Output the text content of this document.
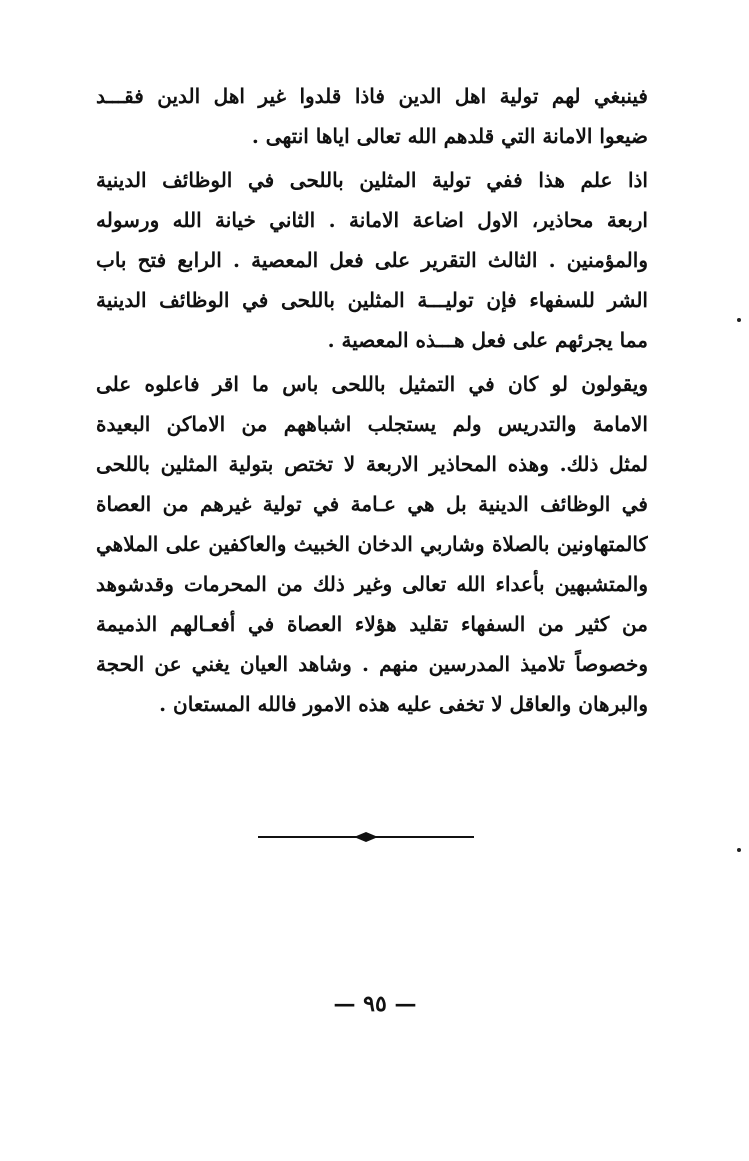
فينبغي لهم تولية اهل الدين فاذا قلدوا غير اهل الدين فقـــد
ضيعوا الامانة التي قلدهم الله تعالى اياها انتهى .
اذا علم هذا ففي تولية المثلين باللحى في الوظائف الدينية
اربعة محاذير، الاول اضاعة الامانة . الثاني خيانة الله ورسوله
والمؤمنين . الثالث التقرير على فعل المعصية . الرابع فتح باب
الشر للسفهاء فإن توليـــة المثلين باللحى في الوظائف الدينية
مما يجرئهم على فعل هـــذه المعصية .
ويقولون لو كان في التمثيل باللحى باس ما اقر فاعلوه على
الامامة والتدريس ولم يستجلب اشباههم من الاماكن البعيدة
لمثل ذلك. وهذه المحاذير الاربعة لا تختص بتولية المثلين باللحى
في الوظائف الدينية بل هي عـامة في تولية غيرهم من العصاة
كالمتهاونين بالصلاة وشاربي الدخان الخبيث والعاكفين على الملاهي
والمتشبهين بأعداء الله تعالى وغير ذلك من المحرمات وقدشوهد
من كثير من السفهاء تقليد هؤلاء العصاة في أفعـالهم الذميمة
وخصوصاً تلاميذ المدرسين منهم . وشاهد العيان يغني عن الحجة
والبرهان والعاقل لا تخفى عليه هذه الامور فالله المستعان .
— ٩٥ —
